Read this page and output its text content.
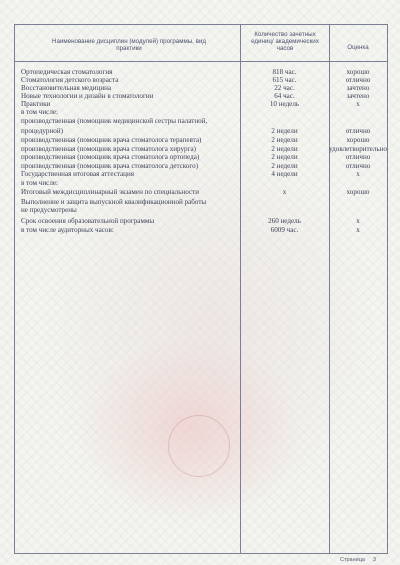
Наименование дисциплин (модулей) программы, вид практики
Количество зачетных единиц/ академических часов	Оценка
Ортопедическая стоматология	818 час.	хорошо
Стоматология детского возраста	615 час.	отлично
Восстановительная медицина	22 час.	зачтено
Новые технологии и дизайн в стоматологии	64 час.	зачтено
Практики	10 недель	х
в том числе:
производственная (помощник медицинской сестры палатной,
процедурной)	2 недели	отлично
производственная (помощник врача стоматолога терапевта)	2 недели	хорошо
производственная (помощник врача стоматолога хирурга)	2 недели	удовлетворительно
производственная (помощник врача стоматолога ортопеда)	2 недели	отлично
производственная (помощник врача стоматолога детского)	2 недели	отлично
Государственная итоговая аттестация	4 недели	х
в том числе:
Итоговый междисциплинарный экзамен по специальности	х	хорошо
Выполнение и защита выпускной квалификационной работы
не предусмотрены
Срок освоения образовательной программы	260 недель	х
в том числе аудиторных часов:	6009 час.	х
Страница 3
